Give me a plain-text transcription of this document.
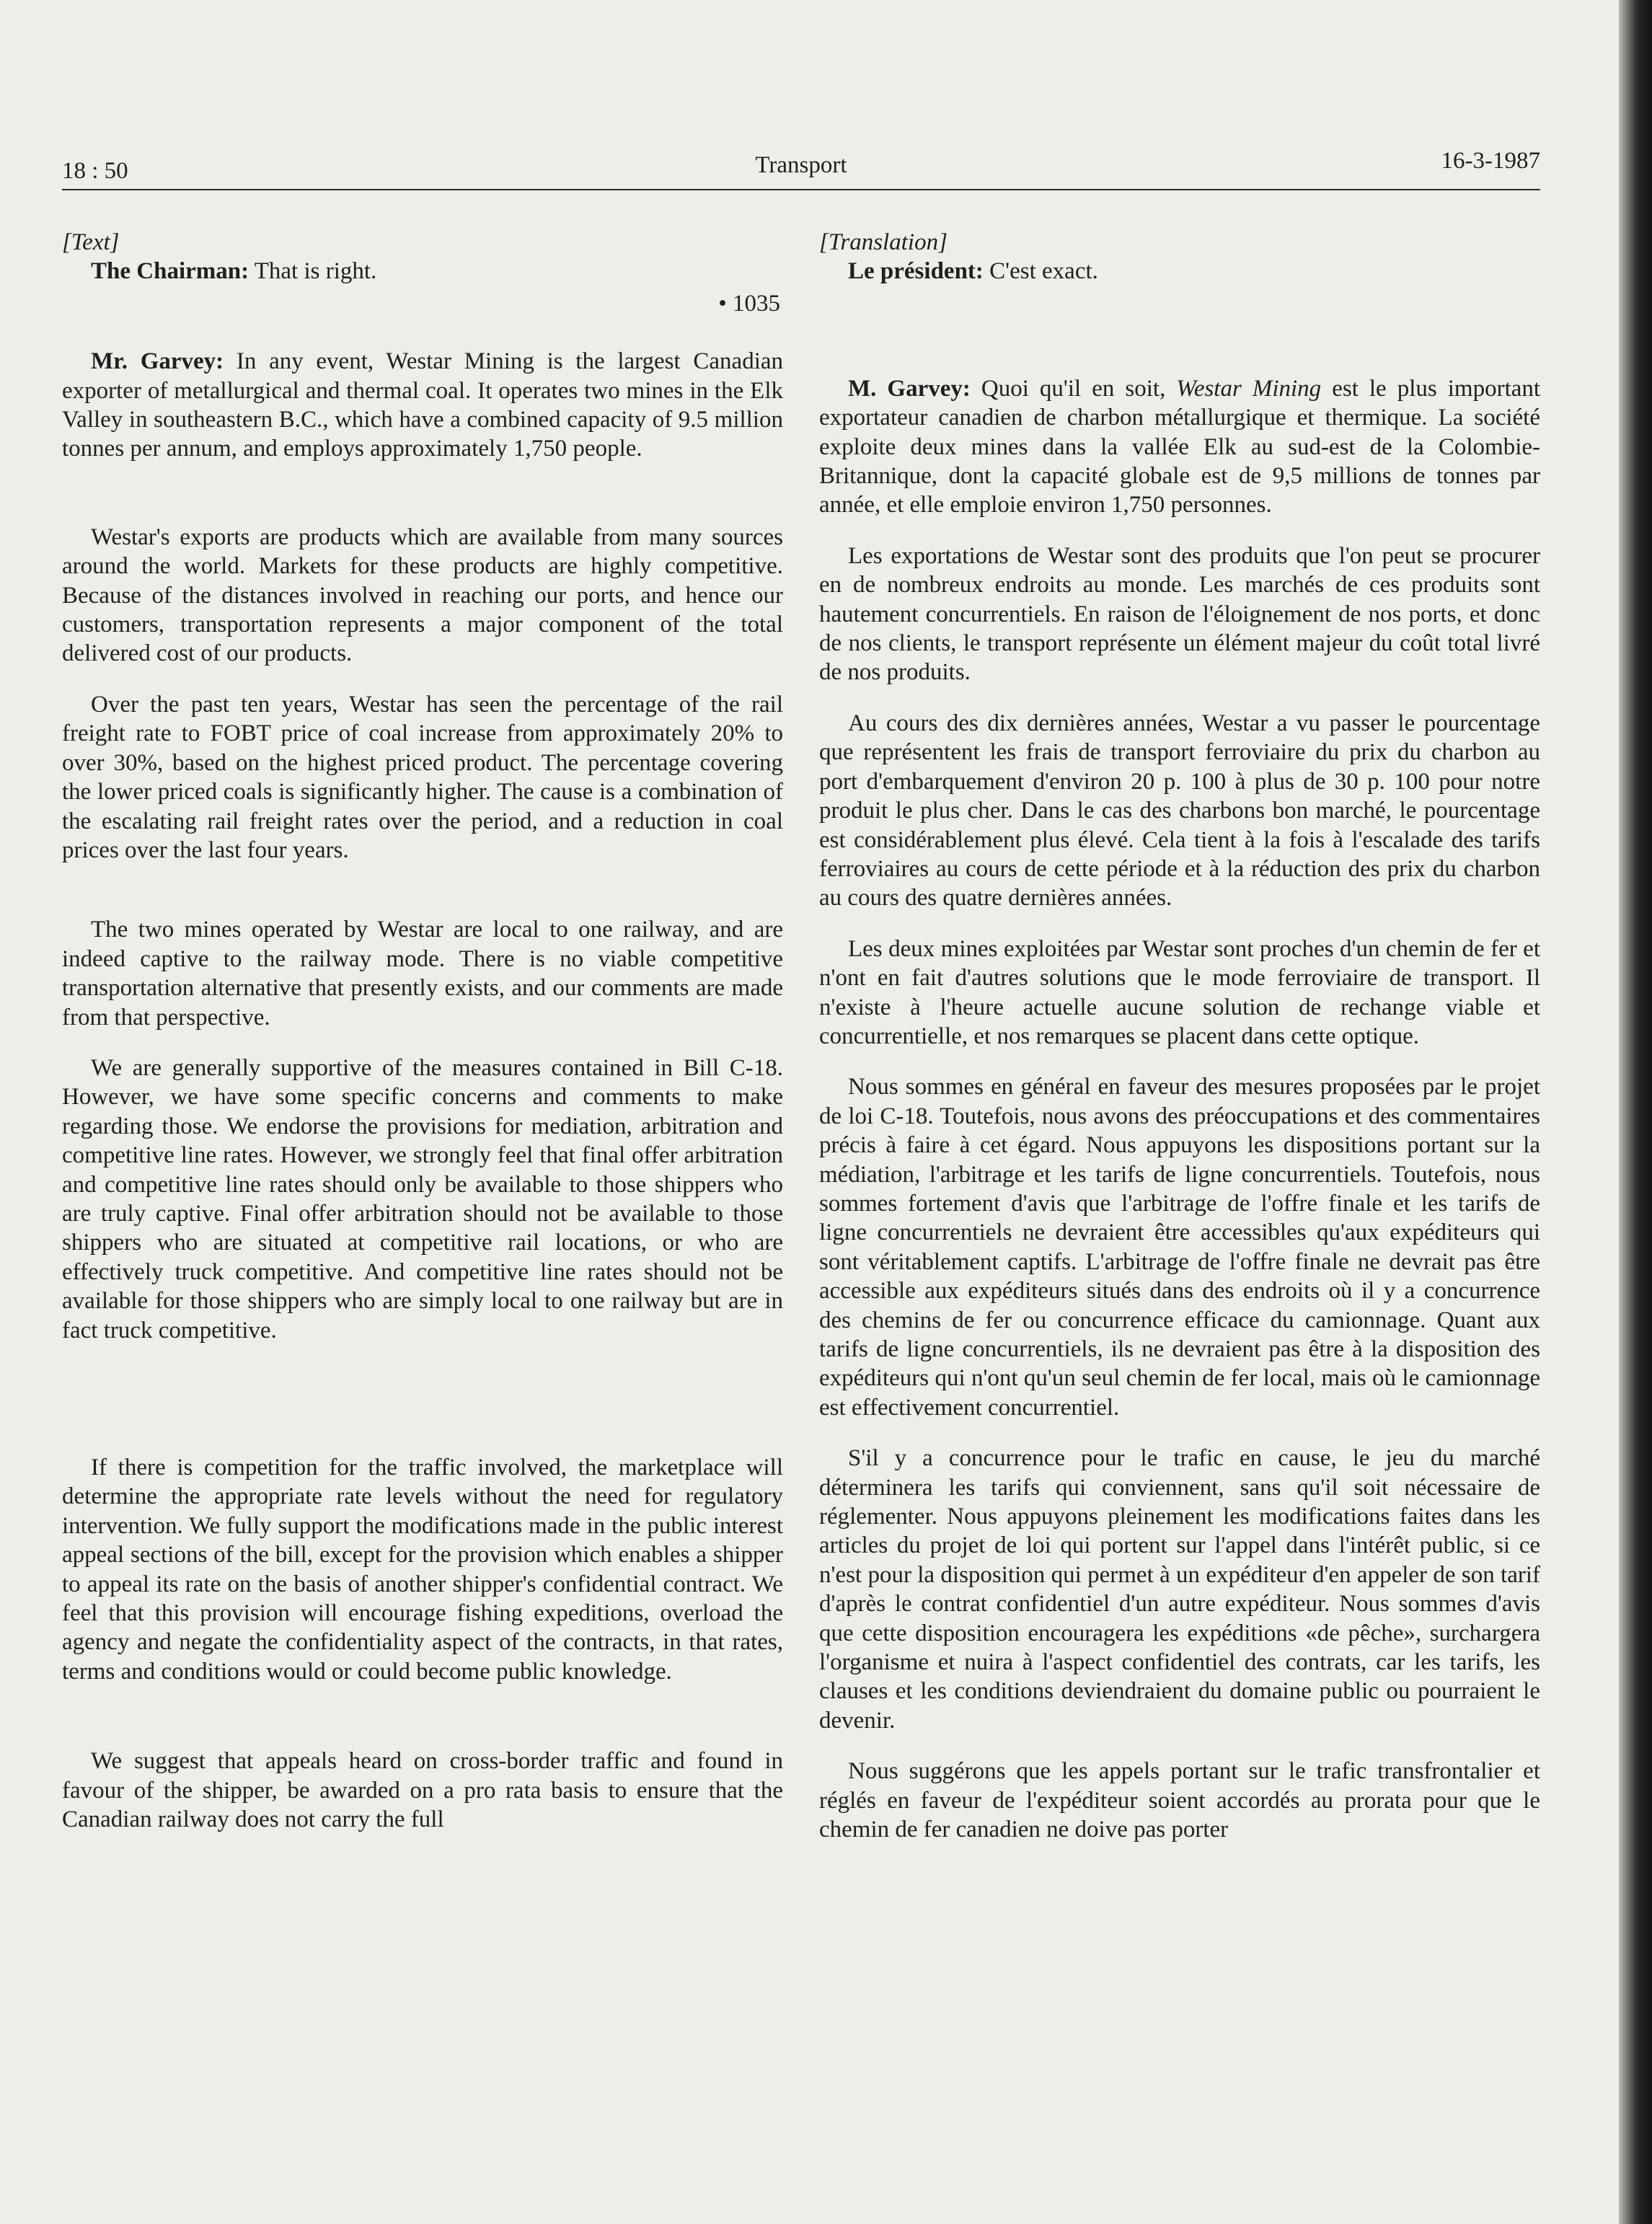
18 : 50	Transport	16-3-1987
[Text]

The Chairman: That is right.

• 1035

Mr. Garvey: In any event, Westar Mining is the largest Canadian exporter of metallurgical and thermal coal. It operates two mines in the Elk Valley in southeastern B.C., which have a combined capacity of 9.5 million tonnes per annum, and employs approximately 1,750 people.

Westar's exports are products which are available from many sources around the world. Markets for these products are highly competitive. Because of the distances involved in reaching our ports, and hence our customers, transportation represents a major component of the total delivered cost of our products.

Over the past ten years, Westar has seen the percentage of the rail freight rate to FOBT price of coal increase from approximately 20% to over 30%, based on the highest priced product. The percentage covering the lower priced coals is significantly higher. The cause is a combination of the escalating rail freight rates over the period, and a reduction in coal prices over the last four years.

The two mines operated by Westar are local to one railway, and are indeed captive to the railway mode. There is no viable competitive transportation alternative that presently exists, and our comments are made from that perspective.

We are generally supportive of the measures contained in Bill C-18. However, we have some specific concerns and comments to make regarding those. We endorse the provisions for mediation, arbitration and competitive line rates. However, we strongly feel that final offer arbitration and competitive line rates should only be available to those shippers who are truly captive. Final offer arbitration should not be available to those shippers who are situated at competitive rail locations, or who are effectively truck competitive. And competitive line rates should not be available for those shippers who are simply local to one railway but are in fact truck competitive.

If there is competition for the traffic involved, the marketplace will determine the appropriate rate levels without the need for regulatory intervention. We fully support the modifications made in the public interest appeal sections of the bill, except for the provision which enables a shipper to appeal its rate on the basis of another shipper's confidential contract. We feel that this provision will encourage fishing expeditions, overload the agency and negate the confidentiality aspect of the contracts, in that rates, terms and conditions would or could become public knowledge.

We suggest that appeals heard on cross-border traffic and found in favour of the shipper, be awarded on a pro rata basis to ensure that the Canadian railway does not carry the full

[Translation]

Le président: C'est exact.

M. Garvey: Quoi qu'il en soit, Westar Mining est le plus important exportateur canadien de charbon métallurgique et thermique. La société exploite deux mines dans la vallée Elk au sud-est de la Colombie-Britannique, dont la capacité globale est de 9,5 millions de tonnes par année, et elle emploie environ 1,750 personnes.

Les exportations de Westar sont des produits que l'on peut se procurer en de nombreux endroits au monde. Les marchés de ces produits sont hautement concurrentiels. En raison de l'éloignement de nos ports, et donc de nos clients, le transport représente un élément majeur du coût total livré de nos produits.

Au cours des dix dernières années, Westar a vu passer le pourcentage que représentent les frais de transport ferroviaire du prix du charbon au port d'embarquement d'environ 20 p. 100 à plus de 30 p. 100 pour notre produit le plus cher. Dans le cas des charbons bon marché, le pourcentage est considérablement plus élevé. Cela tient à la fois à l'escalade des tarifs ferroviaires au cours de cette période et à la réduction des prix du charbon au cours des quatre dernières années.

Les deux mines exploitées par Westar sont proches d'un chemin de fer et n'ont en fait d'autres solutions que le mode ferroviaire de transport. Il n'existe à l'heure actuelle aucune solution de rechange viable et concurrentielle, et nos remarques se placent dans cette optique.

Nous sommes en général en faveur des mesures proposées par le projet de loi C-18. Toutefois, nous avons des préoccupations et des commentaires précis à faire à cet égard. Nous appuyons les dispositions portant sur la médiation, l'arbitrage et les tarifs de ligne concurrentiels. Toutefois, nous sommes fortement d'avis que l'arbitrage de l'offre finale et les tarifs de ligne concurrentiels ne devraient être accessibles qu'aux expéditeurs qui sont véritablement captifs. L'arbitrage de l'offre finale ne devrait pas être accessible aux expéditeurs situés dans des endroits où il y a concurrence des chemins de fer ou concurrence efficace du camionnage. Quant aux tarifs de ligne concurrentiels, ils ne devraient pas être à la disposition des expéditeurs qui n'ont qu'un seul chemin de fer local, mais où le camionnage est effectivement concurrentiel.

S'il y a concurrence pour le trafic en cause, le jeu du marché déterminera les tarifs qui conviennent, sans qu'il soit nécessaire de réglementer. Nous appuyons pleinement les modifications faites dans les articles du projet de loi qui portent sur l'appel dans l'intérêt public, si ce n'est pour la disposition qui permet à un expéditeur d'en appeler de son tarif d'après le contrat confidentiel d'un autre expéditeur. Nous sommes d'avis que cette disposition encouragera les expéditions «de pêche», surchargera l'organisme et nuira à l'aspect confidentiel des contrats, car les tarifs, les clauses et les conditions deviendraient du domaine public ou pourraient le devenir.

Nous suggérons que les appels portant sur le trafic transfrontalier et réglés en faveur de l'expéditeur soient accordés au prorata pour que le chemin de fer canadien ne doive pas porter
